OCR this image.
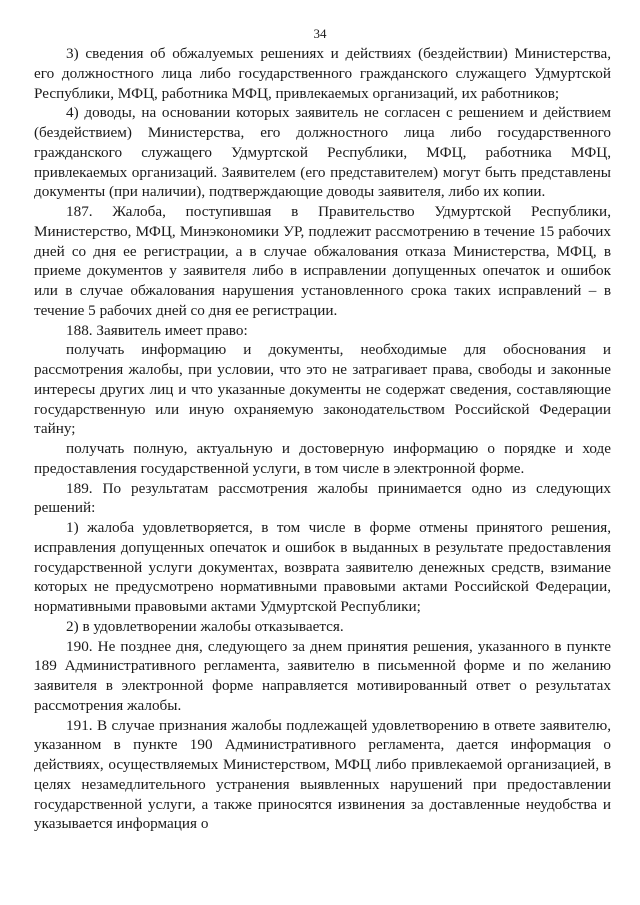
34

3) сведения об обжалуемых решениях и действиях (бездействии) Министерства, его должностного лица либо государственного гражданского служащего Удмуртской Республики, МФЦ, работника МФЦ, привлекаемых организаций, их работников;

4) доводы, на основании которых заявитель не согласен с решением и действием (бездействием) Министерства, его должностного лица либо государственного гражданского служащего Удмуртской Республики, МФЦ, работника МФЦ, привлекаемых организаций. Заявителем (его представителем) могут быть представлены документы (при наличии), подтверждающие доводы заявителя, либо их копии.

187. Жалоба, поступившая в Правительство Удмуртской Республики, Министерство, МФЦ, Минэкономики УР, подлежит рассмотрению в течение 15 рабочих дней со дня ее регистрации, а в случае обжалования отказа Министерства, МФЦ, в приеме документов у заявителя либо в исправлении допущенных опечаток и ошибок или в случае обжалования нарушения установленного срока таких исправлений – в течение 5 рабочих дней со дня ее регистрации.

188. Заявитель имеет право:

получать информацию и документы, необходимые для обоснования и рассмотрения жалобы, при условии, что это не затрагивает права, свободы и законные интересы других лиц и что указанные документы не содержат сведения, составляющие государственную или иную охраняемую законодательством Российской Федерации тайну;

получать полную, актуальную и достоверную информацию о порядке и ходе предоставления государственной услуги, в том числе в электронной форме.

189. По результатам рассмотрения жалобы принимается одно из следующих решений:

1) жалоба удовлетворяется, в том числе в форме отмены принятого решения, исправления допущенных опечаток и ошибок в выданных в результате предоставления государственной услуги документах, возврата заявителю денежных средств, взимание которых не предусмотрено нормативными правовыми актами Российской Федерации, нормативными правовыми актами Удмуртской Республики;

2) в удовлетворении жалобы отказывается.

190. Не позднее дня, следующего за днем принятия решения, указанного в пункте 189 Административного регламента, заявителю в письменной форме и по желанию заявителя в электронной форме направляется мотивированный ответ о результатах рассмотрения жалобы.

191. В случае признания жалобы подлежащей удовлетворению в ответе заявителю, указанном в пункте 190 Административного регламента, дается информация о действиях, осуществляемых Министерством, МФЦ либо привлекаемой организацией, в целях незамедлительного устранения выявленных нарушений при предоставлении государственной услуги, а также приносятся извинения за доставленные неудобства и указывается информация о
